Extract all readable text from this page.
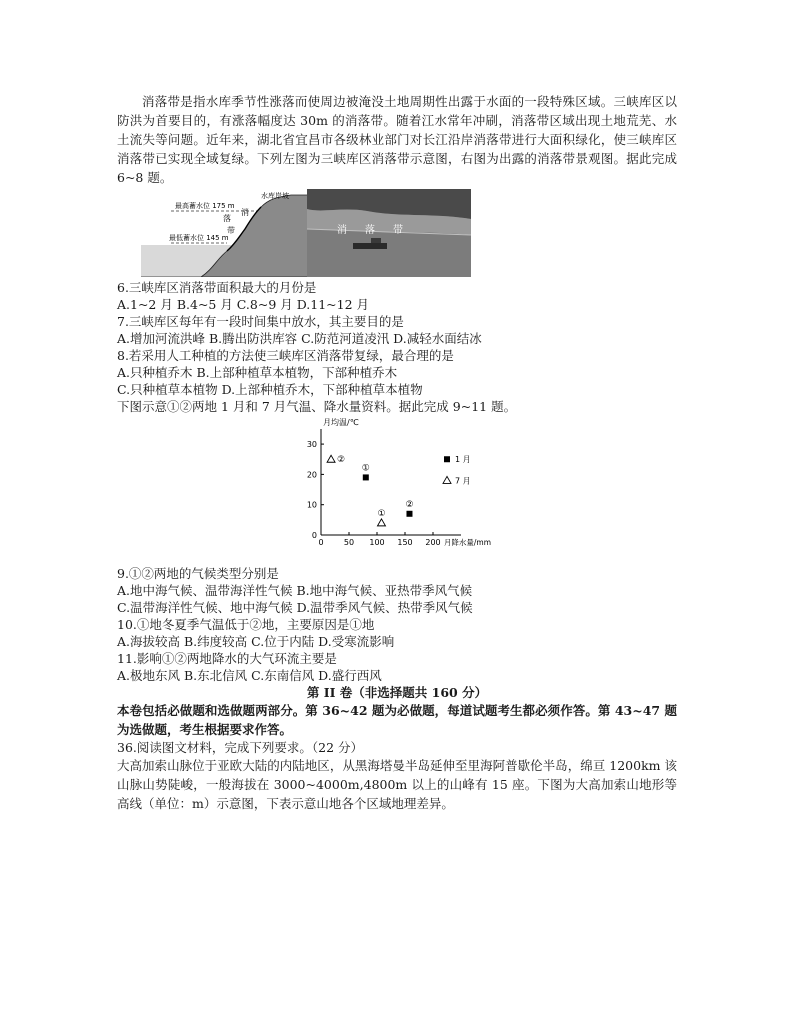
消落带是指水库季节性涨落而使周边被淹没土地周期性出露于水面的一段特殊区域。三峡库区以防洪为首要目的，有涨落幅度达 30m 的消落带。随着江水常年冲刷，消落带区域出现土地荒芜、水土流失等问题。近年来，湖北省宜昌市各级林业部门对长江沿岸消落带进行大面积绿化，使三峡库区消落带已实现全域复绿。下列左图为三峡库区消落带示意图，右图为出露的消落带景观图。据此完成 6~8 题。

水库岸坡
最高蓄水位 175 m
最低蓄水位 145 m
消
落
带	消 落 带

6.三峡库区消落带面积最大的月份是

A.1~2 月 B.4~5 月 C.8~9 月 D.11~12 月

7.三峡库区每年有一段时间集中放水，其主要目的是

A.增加河流洪峰 B.腾出防洪库容 C.防范河道凌汛 D.减轻水面结冰

8.若采用人工种植的方法使三峡库区消落带复绿，最合理的是

A.只种植乔木 B.上部种植草本植物，下部种植乔木

C.只种植草本植物 D.上部种植乔木，下部种植草本植物

下图示意①②两地 1 月和 7 月气温、降水量资料。据此完成 9~11 题。

0
10
20
30
0	50 100 150 200
月均温/℃
月降水量/mm
①
②
②
①
1 月
7 月

9.①②两地的气候类型分别是

A.地中海气候、温带海洋性气候 B.地中海气候、亚热带季风气候

C.温带海洋性气候、地中海气候 D.温带季风气候、热带季风气候

10.①地冬夏季气温低于②地，主要原因是①地

A.海拔较高 B.纬度较高 C.位于内陆 D.受寒流影响

11.影响①②两地降水的大气环流主要是

A.极地东风 B.东北信风 C.东南信风 D.盛行西风

第 II 卷（非选择题共 160 分）

本卷包括必做题和选做题两部分。第 36~42 题为必做题，每道试题考生都必须作答。第 43~47 题为选做题，考生根据要求作答。

36.阅读图文材料，完成下列要求。（22 分）

大高加索山脉位于亚欧大陆的内陆地区，从黑海塔曼半岛延伸至里海阿普歇伦半岛，绵亘 1200km 该山脉山势陡峻，一般海拔在 3000~4000m,4800m 以上的山峰有 15 座。下图为大高加索山地形等高线（单位：m）示意图，下表示意山地各个区域地理差异。
